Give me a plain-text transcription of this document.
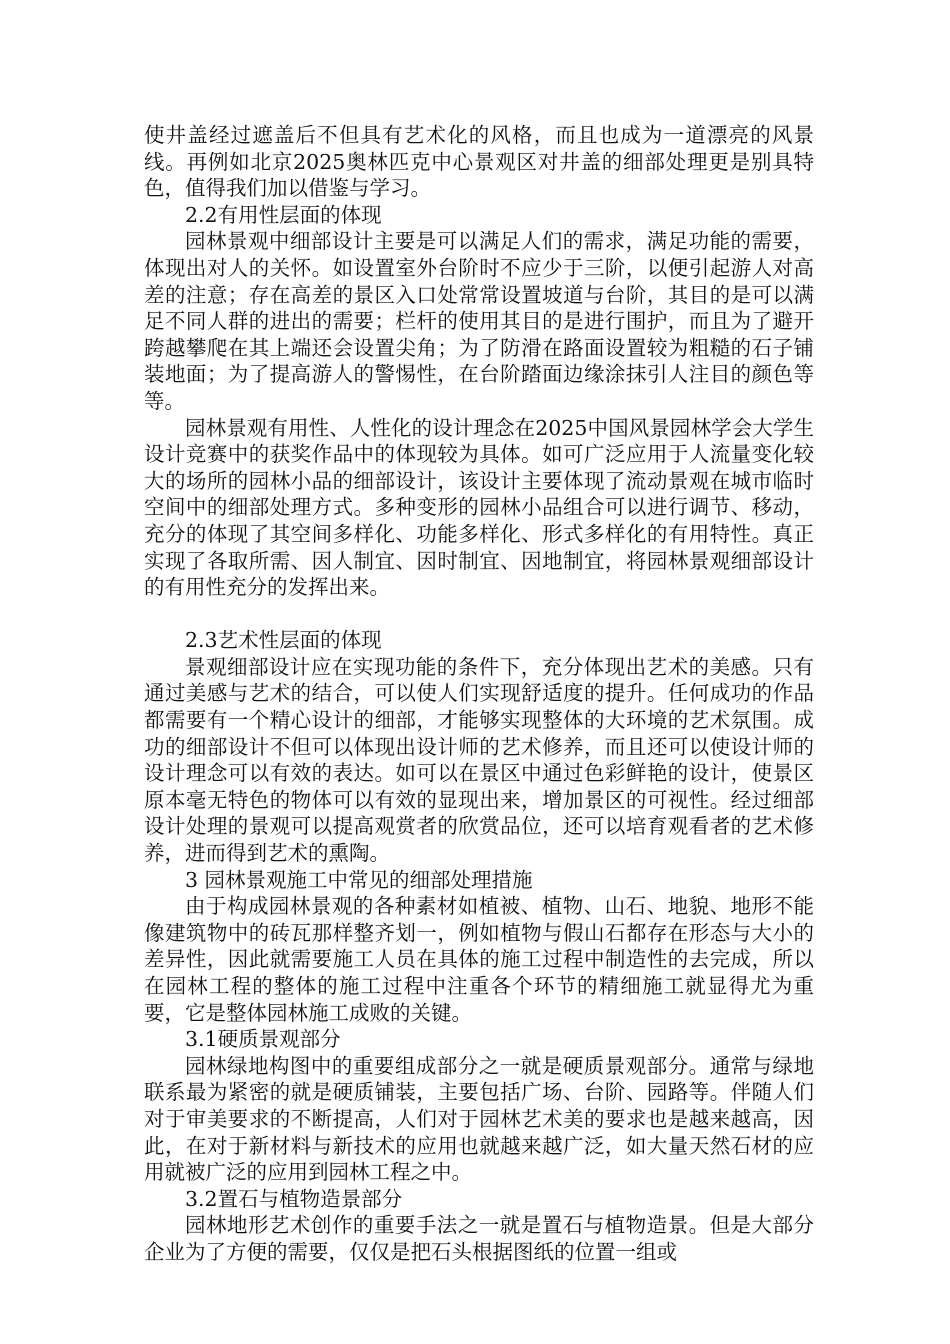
使井盖经过遮盖后不但具有艺术化的风格，而且也成为一道漂亮的风景线。再例如北京2025奥林匹克中心景观区对井盖的细部处理更是别具特色，值得我们加以借鉴与学习。

2.2有用性层面的体现

园林景观中细部设计主要是可以满足人们的需求，满足功能的需要，体现出对人的关怀。如设置室外台阶时不应少于三阶，以便引起游人对高差的注意；存在高差的景区入口处常常设置坡道与台阶，其目的是可以满足不同人群的进出的需要；栏杆的使用其目的是进行围护，而且为了避开跨越攀爬在其上端还会设置尖角；为了防滑在路面设置较为粗糙的石子铺装地面；为了提高游人的警惕性，在台阶踏面边缘涂抹引人注目的颜色等等。

园林景观有用性、人性化的设计理念在2025中国风景园林学会大学生设计竞赛中的获奖作品中的体现较为具体。如可广泛应用于人流量变化较大的场所的园林小品的细部设计，该设计主要体现了流动景观在城市临时空间中的细部处理方式。多种变形的园林小品组合可以进行调节、移动，充分的体现了其空间多样化、功能多样化、形式多样化的有用特性。真正实现了各取所需、因人制宜、因时制宜、因地制宜，将园林景观细部设计的有用性充分的发挥出来。

2.3艺术性层面的体现

景观细部设计应在实现功能的条件下，充分体现出艺术的美感。只有通过美感与艺术的结合，可以使人们实现舒适度的提升。任何成功的作品都需要有一个精心设计的细部，才能够实现整体的大环境的艺术氛围。成功的细部设计不但可以体现出设计师的艺术修养，而且还可以使设计师的设计理念可以有效的表达。如可以在景区中通过色彩鲜艳的设计，使景区原本毫无特色的物体可以有效的显现出来，增加景区的可视性。经过细部设计处理的景观可以提高观赏者的欣赏品位，还可以培育观看者的艺术修养，进而得到艺术的熏陶。

3 园林景观施工中常见的细部处理措施

由于构成园林景观的各种素材如植被、植物、山石、地貌、地形不能像建筑物中的砖瓦那样整齐划一，例如植物与假山石都存在形态与大小的差异性，因此就需要施工人员在具体的施工过程中制造性的去完成，所以在园林工程的整体的施工过程中注重各个环节的精细施工就显得尤为重要，它是整体园林施工成败的关键。

3.1硬质景观部分

园林绿地构图中的重要组成部分之一就是硬质景观部分。通常与绿地联系最为紧密的就是硬质铺装，主要包括广场、台阶、园路等。伴随人们对于审美要求的不断提高，人们对于园林艺术美的要求也是越来越高，因此，在对于新材料与新技术的应用也就越来越广泛，如大量天然石材的应用就被广泛的应用到园林工程之中。

3.2置石与植物造景部分

园林地形艺术创作的重要手法之一就是置石与植物造景。但是大部分企业为了方便的需要，仅仅是把石头根据图纸的位置一组或
